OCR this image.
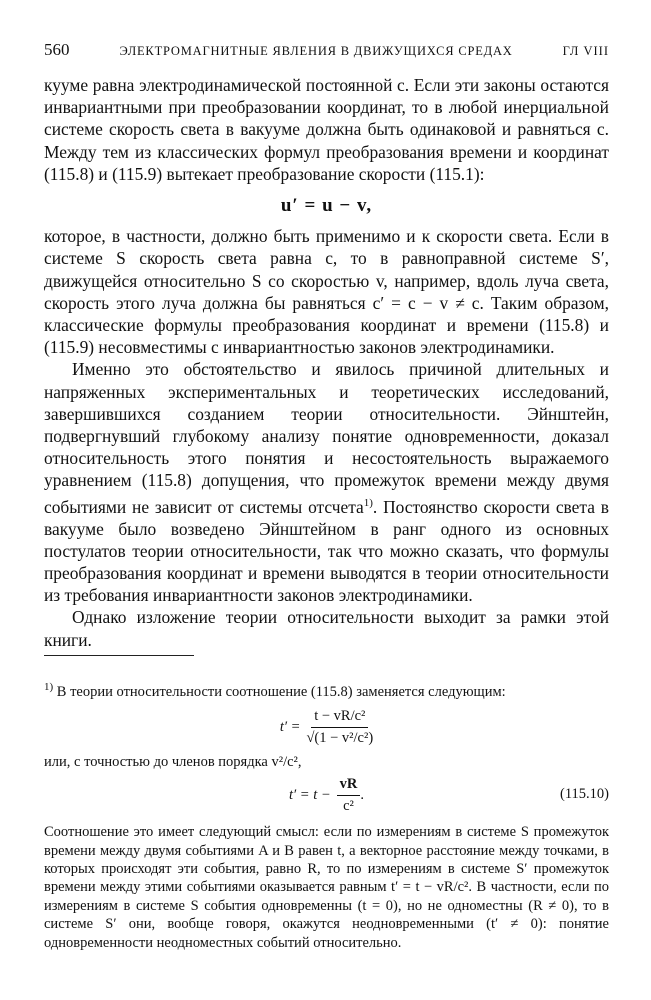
560	ЭЛЕКТРОМАГНИТНЫЕ ЯВЛЕНИЯ В ДВИЖУЩИХСЯ СРЕДАХ	ГЛ VIII

кууме равна электродинамической постоянной c. Если эти законы остаются инвариантными при преобразовании координат, то в любой инерциальной системе скорость света в вакууме должна быть одинаковой и равняться c. Между тем из классических формул преобразования времени и координат (115.8) и (115.9) вытекает преобразование скорости (115.1):

u′ = u − v,

которое, в частности, должно быть применимо и к скорости света. Если в системе S скорость света равна c, то в равноправной системе S′, движущейся относительно S со скоростью v, например, вдоль луча света, скорость этого луча должна бы равняться c′ = c − v ≠ c. Таким образом, классические формулы преобразования координат и времени (115.8) и (115.9) несовместимы с инвариантностью законов электродинамики.

Именно это обстоятельство и явилось причиной длительных и напряженных экспериментальных и теоретических исследований, завершившихся созданием теории относительности. Эйнштейн, подвергнувший глубокому анализу понятие одновременности, доказал относительность этого понятия и несостоятельность выражаемого уравнением (115.8) допущения, что промежуток времени между двумя событиями не зависит от системы отсчета$^{1)}$. Постоянство скорости света в вакууме было возведено Эйнштейном в ранг одного из основных постулатов теории относительности, так что можно сказать, что формулы преобразования координат и времени выводятся в теории относительности из требования инвариантности законов электродинамики.

Однако изложение теории относительности выходит за рамки этой книги.

$^{1)}$ В теории относительности соотношение (115.8) заменяется следующим:

$t' = \frac{\text{t − vR/c²}}{\text{√(1 − v²/c²)}}$

или, с точностью до членов порядка v²/c²,

$t' = t - \frac{vR}{\text{c²}}$ .	(115.10)

Соотношение это имеет следующий смысл: если по измерениям в системе S промежуток времени между двумя событиями A и B равен t, а векторное расстояние между точками, в которых происходят эти события, равно R, то по измерениям в системе S′ промежуток времени между этими событиями оказывается равным t′ = t − vR/c². В частности, если по измерениям в системе S события одновременны (t = 0), но не одноместны (R ≠ 0), то в системе S′ они, вообще говоря, окажутся неодновременными (t′ ≠ 0): понятие одновременности неодноместных событий относительно.
